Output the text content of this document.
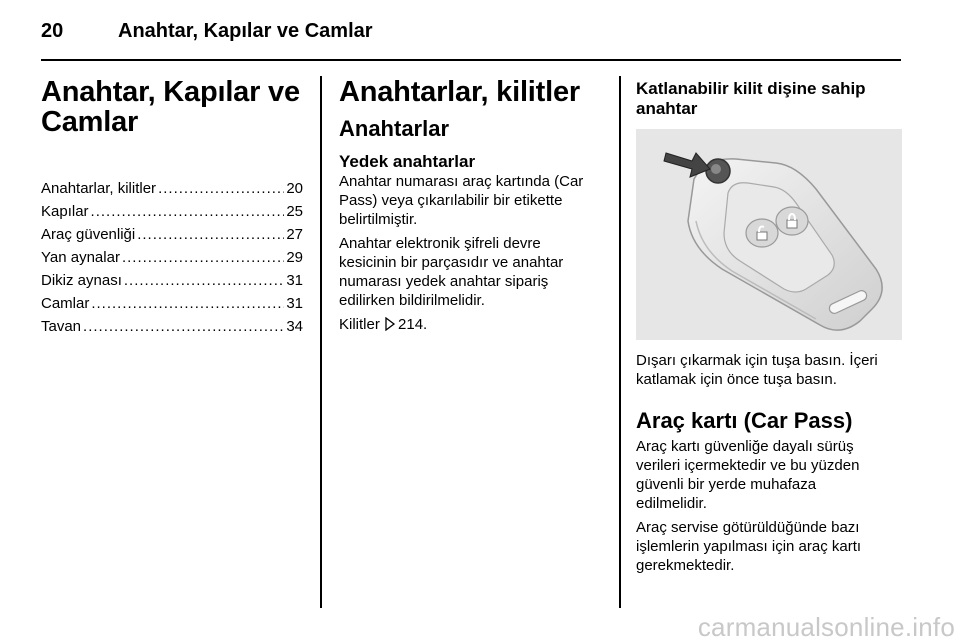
20	Anahtar, Kapılar ve Camlar
Anahtar, Kapılar ve
Camlar
Anahtarlar, kilitler .....	20
Kapılar .....	25
Araç güvenliği .....	27
Yan aynalar .....	29
Dikiz aynası .....	31
Camlar .....	31
Tavan .....	34
Anahtarlar, kilitler
Anahtarlar
Yedek anahtarlar

Anahtar numarası araç kartında (Car
Pass) veya çıkarılabilir bir etikette
belirtilmiştir.

Anahtar elektronik şifreli devre
kesicinin bir parçasıdır ve anahtar
numarası yedek anahtar sipariş
edilirken bildirilmelidir.

Kilitler 214.

Katlanabilir kilit dişine sahip
anahtar

Dışarı çıkarmak için tuşa basın. İçeri
katlamak için önce tuşa basın.

Araç kartı (Car Pass)

Araç kartı güvenliğe dayalı sürüş
verileri içermektedir ve bu yüzden
güvenli bir yerde muhafaza
edilmelidir.

Araç servise götürüldüğünde bazı
işlemlerin yapılması için araç kartı
gerekmektedir.

carmanualsonline.info
